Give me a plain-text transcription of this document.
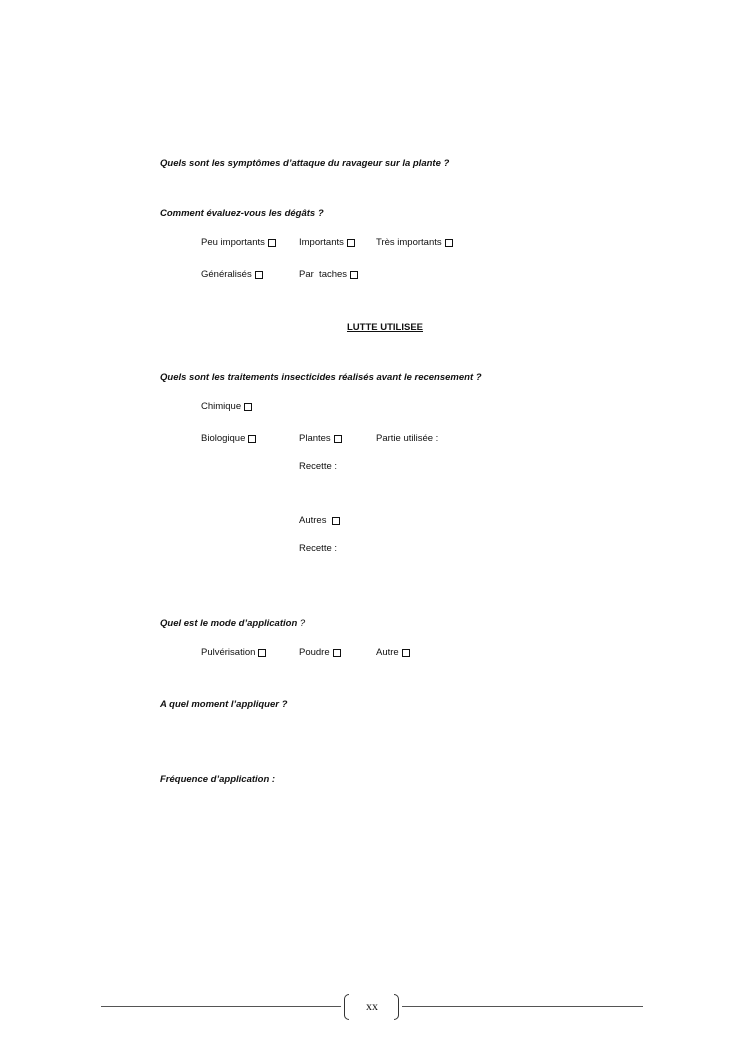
Quels sont les symptômes d’attaque du ravageur sur la plante ?
Comment évaluez-vous les dégâts ?
Peu importants	Importants	Très importants
Généralisés	Par  taches
LUTTE UTILISEE
Quels sont les traitements insecticides réalisés avant le recensement ?
Chimique
Biologique	Plantes	Partie utilisée :
Recette :
Autres
Recette :
Quel est le mode d’application ?
Pulvérisation	Poudre	Autre
A quel moment l’appliquer ?
Fréquence d’application :
xx
